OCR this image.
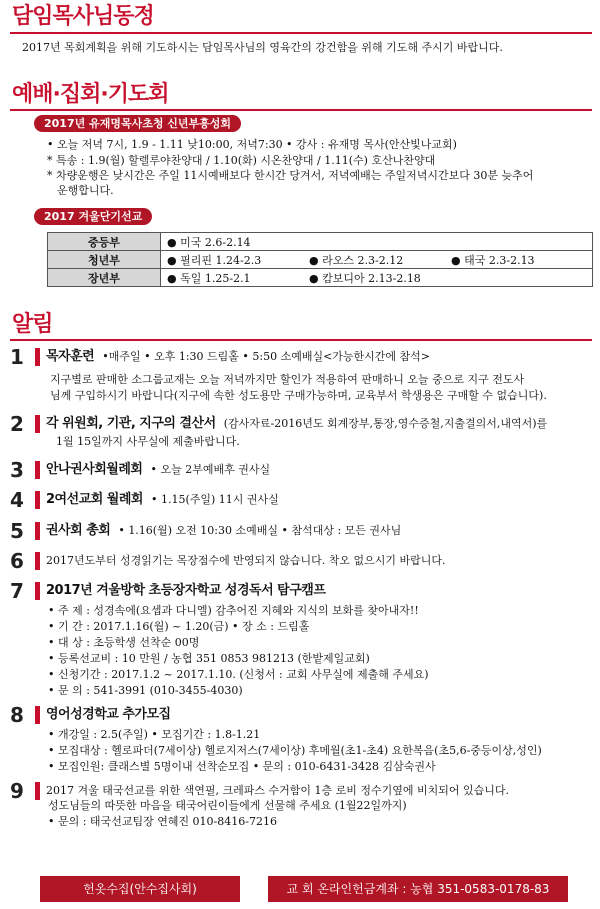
담임목사님동정
2017년 목회계획을 위해 기도하시는 담임목사님의 영육간의 강건함을 위해 기도해 주시기 바랍니다.
예배·집회·기도회
2017년 유재명목사초청 신년부흥성회
• 오늘 저녁 7시, 1.9 - 1.11 낮10:00, 저녁7:30 • 강사 : 유재명 목사(안산빛나교회)
* 특송 : 1.9(월) 할렐루야찬양대 / 1.10(화) 시온찬양대 / 1.11(수) 호산나찬양대
* 차량운행은 낮시간은 주일 11시예배보다 한시간 당겨서, 저녁예배는 주일저녁시간보다 30분 늦추어
운행합니다.
2017 겨울단기선교
중등부	● 미국 2.6-2.14		
청년부	● 필리핀 1.24-2.3	● 라오스 2.3-2.12	● 태국 2.3-2.13
장년부	● 독일 1.25-2.1	● 캄보디아 2.13-2.18	
알림
1 목자훈련 •매주일 • 오후 1:30 드림홀 • 5:50 소예배실<가능한시간에 참석>
지구별로 판매한 소그룹교재는 오늘 저녁까지만 할인가 적용하여 판매하니 오늘 중으로 지구 전도사
님께 구입하시기 바랍니다(지구에 속한 성도용만 구매가능하며, 교육부서 학생용은 구매할 수 없습니다).
2 각 위원회, 기관, 지구의 결산서 (감사자료-2016년도 회계장부,통장,영수증철,지출결의서,내역서)를
1월 15일까지 사무실에 제출바랍니다.
3 안나권사회월례회 • 오늘 2부예배후 권사실
4 2여선교회 월례회 • 1.15(주일) 11시 권사실
5 권사회 총회 • 1.16(월) 오전 10:30 소예배실 • 참석대상 : 모든 권사님
6 2017년도부터 성경읽기는 목장점수에 반영되지 않습니다. 착오 없으시기 바랍니다.
7 2017년 겨울방학 초등장자학교 성경독서 탐구캠프
• 주 제 : 성경속에(요셉과 다니엘) 감추어진 지혜와 지식의 보화를 찾아내자!!
• 기 간 : 2017.1.16(월) ~ 1.20(금) • 장 소 : 드림홀
• 대 상 : 초등학생 선착순 00명
• 등록선교비 : 10 만원 / 농협 351 0853 981213 (한밭제일교회)
• 신청기간 : 2017.1.2 ~ 2017.1.10. (신청서 : 교회 사무실에 제출해 주세요)
• 문 의 : 541-3991 (010-3455-4030)
8 영어성경학교 추가모집
• 개강일 : 2.5(주일) • 모집기간 : 1.8-1.21
• 모집대상 : 헬로파더(7세이상) 헬로지저스(7세이상) 후메월(초1-초4) 요한복음(초5,6-중등이상,성인)
• 모집인원: 클래스별 5명이내 선착순모집 • 문의 : 010-6431-3428 김삼숙권사
9 2017 겨울 태국선교를 위한 색연필, 크레파스 수거함이 1층 로비 정수기옆에 비치되어 있습니다.
성도님들의 따뜻한 마음을 태국어린이들에게 선물해 주세요 (1월22일까지)
• 문의 : 태국선교팀장 연혜진 010-8416-7216
헌옷수집(안수집사회)	교 회 온라인헌금계좌 : 농협 351-0583-0178-83
